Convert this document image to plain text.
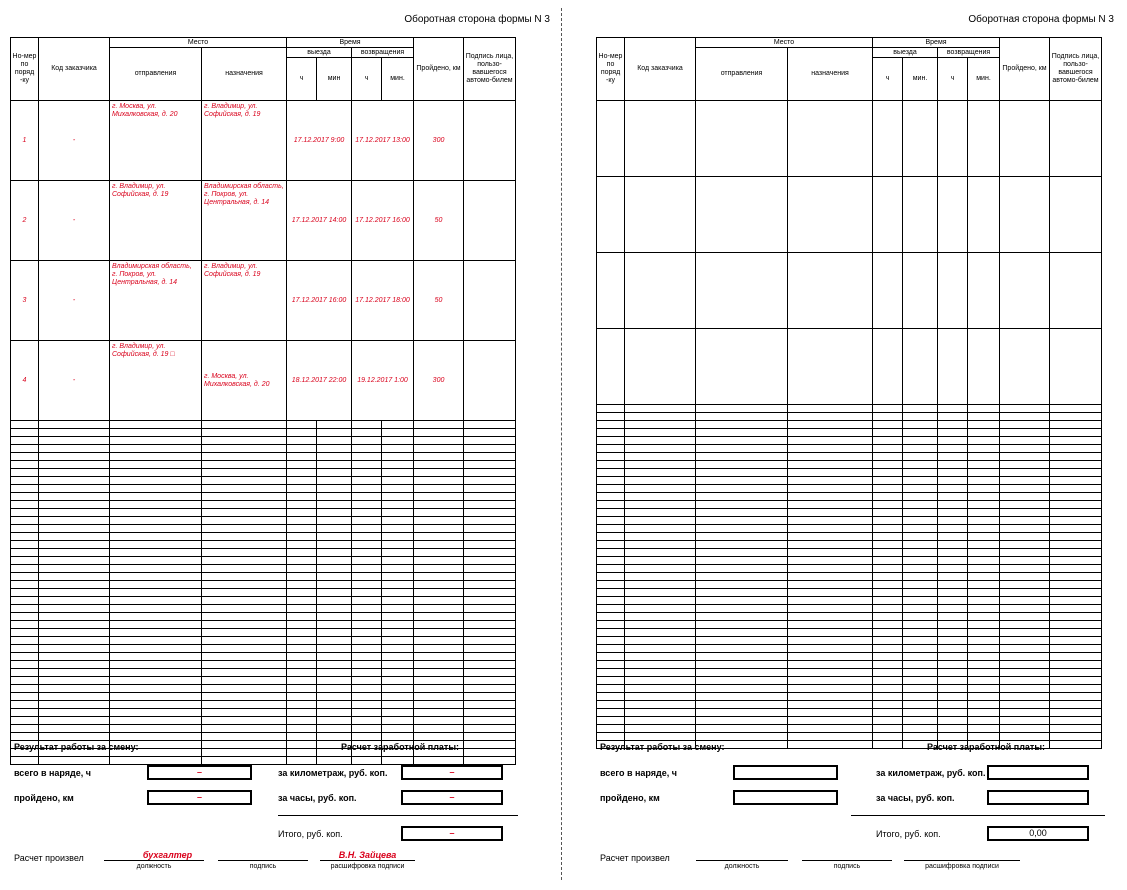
Оборотная сторона формы N 3
Но-мер по поряд -ку	Код заказчика	Место		Время				Пройдено, км	Подпись лица, пользо-вавшегося автомо-билем
		отправления	назначения	выезда		возвращения			
				ч	мин	ч	мин.		
1	-	г. Москва, ул. Михалковская, д. 20	г. Владимир, ул. Софийская, д. 19	17.12.2017 9:00		17.12.2017 13:00		300	
2	-	г. Владимир, ул. Софийская, д. 19	Владимирская область, г. Покров, ул. Центральная, д. 14	17.12.2017 14:00		17.12.2017 16:00		50	
3	-	Владимирская область, г. Покров, ул. Центральная, д. 14	г. Владимир, ул. Софийская, д. 19	17.12.2017 16:00		17.12.2017 18:00		50	
4	-	г. Владимир, ул. Софийская, д. 19 □	г. Москва, ул. Михалковская, д. 20	18.12.2017 22:00		19.12.2017 1:00		300	

Результат работы за смену:	Расчет заработной платы:
всего в наряде, ч	–	за километраж, руб. коп.	–
пройдено, км	–	за часы, руб. коп.	–
Итого, руб. коп.	–
Расчет произвел	бухгалтер
должность	подпись
В.Н. Зайцева
расшифровка подписи
Оборотная сторона формы N 3
Но-мер по поряд -ку	Код заказчика	Место		Время				Пройдено, км	Подпись лица, пользо-вавшегося автомо-билем
		отправления	назначения	выезда		возвращения			
				ч	мин.	ч	мин.		

Результат работы за смену:	Расчет заработной платы:
всего в наряде, ч	за километраж, руб. коп.
пройдено, км	за часы, руб. коп.
Итого, руб. коп.	0,00
Расчет произвел
должность	подпись	расшифровка подписи
